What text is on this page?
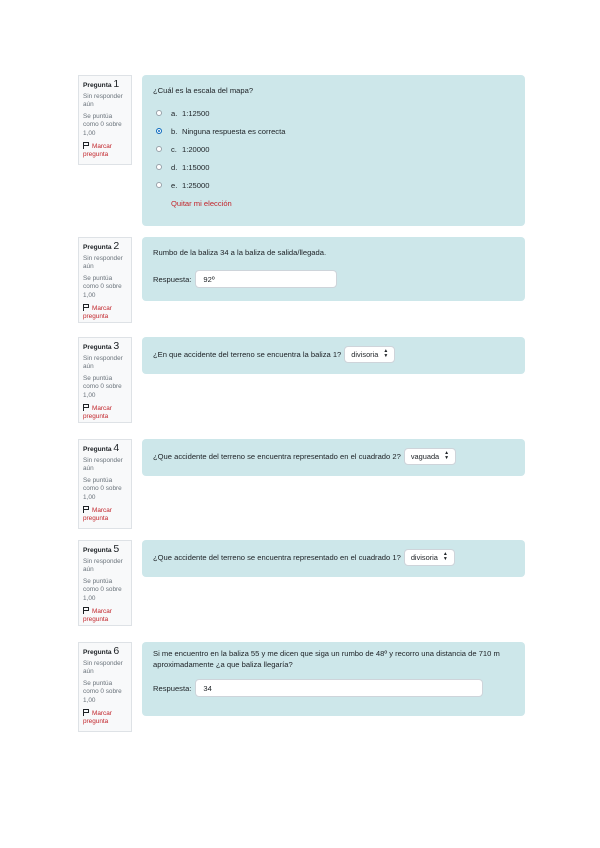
Pregunta 1
Sin responder aún
Se puntúa como 0 sobre 1,00
Marcar pregunta

¿Cuál es la escala del mapa?

a. 1:12500
b. Ninguna respuesta es correcta
c. 1:20000
d. 1:15000
e. 1:25000
Quitar mi elección
Pregunta 2
Sin responder aún
Se puntúa como 0 sobre 1,00
Marcar pregunta

Rumbo de la baliza 34 a la baliza de salida/llegada.

Respuesta: 92º
Pregunta 3
Sin responder aún
Se puntúa como 0 sobre 1,00
Marcar pregunta
¿En que accidente del terreno se encuentra la baliza 1? divisoria ▲
▼
Pregunta 4
Sin responder aún
Se puntúa como 0 sobre 1,00
Marcar pregunta
¿Que accidente del terreno se encuentra representado en el cuadrado 2? vaguada ▲
▼
Pregunta 5
Sin responder aún
Se puntúa como 0 sobre 1,00
Marcar pregunta
¿Que accidente del terreno se encuentra representado en el cuadrado 1? divisoria ▲
▼
Pregunta 6
Sin responder aún
Se puntúa como 0 sobre 1,00
Marcar pregunta

Si me encuentro en la baliza 55 y me dicen que siga un rumbo de 48º y recorro una distancia de 710 m aproximadamente ¿a que baliza llegaría?

Respuesta: 34
